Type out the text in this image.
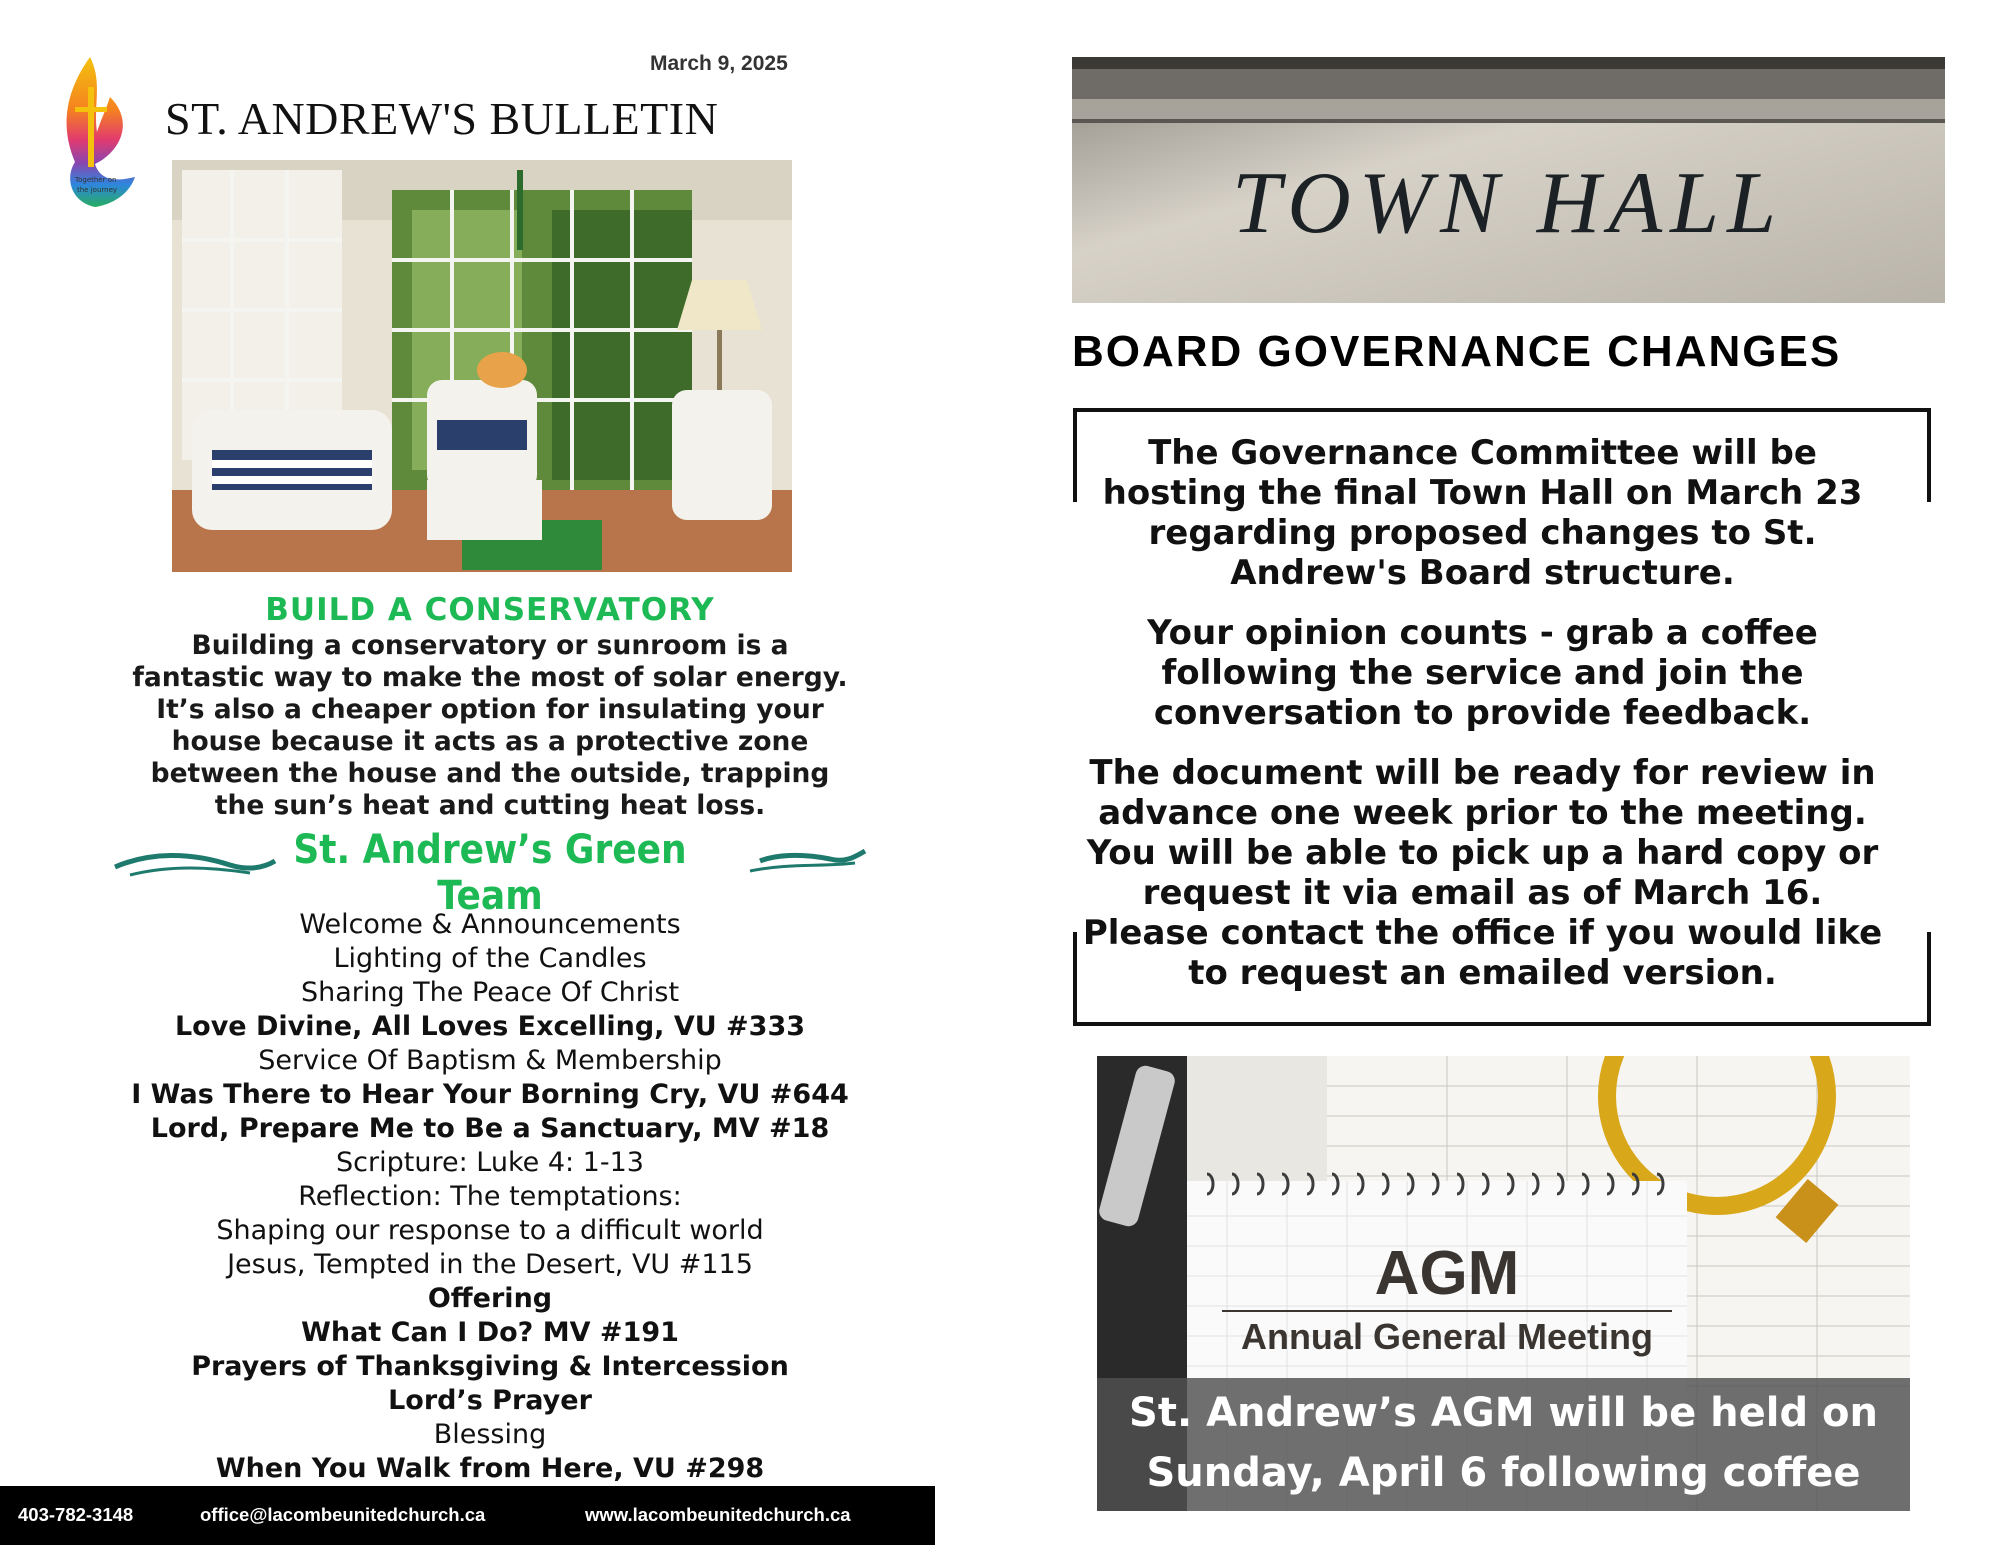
Together on
the journey
March 9, 2025
ST. ANDREW'S BULLETIN
BUILD A CONSERVATORY
Building a conservatory or sunroom is a fantastic way to make the most of solar energy. It’s also a cheaper option for insulating your house because it acts as a protective zone between the house and the outside, trapping the sun’s heat and cutting heat loss.
St. Andrew’s Green Team
Welcome & Announcements
Lighting of the Candles
Sharing The Peace Of Christ
Love Divine, All Loves Excelling, VU #333
Service Of Baptism & Membership
I Was There to Hear Your Borning Cry, VU #644
Lord, Prepare Me to Be a Sanctuary, MV #18
Scripture: Luke 4: 1-13
Reflection: The temptations:
Shaping our response to a difficult world
Jesus, Tempted in the Desert, VU #115
Offering
What Can I Do? MV #191
Prayers of Thanksgiving & Intercession
Lord’s Prayer
Blessing
When You Walk from Here, VU #298
403-782-3148	office@lacombeunitedchurch.ca	www.lacombeunitedchurch.ca
TOWN HALL
BOARD GOVERNANCE CHANGES

The Governance Committee will be hosting the final Town Hall on March 23 regarding proposed changes to St. Andrew's Board structure.

Your opinion counts - grab a coffee following the service and join the conversation to provide feedback.

The document will be ready for review in advance one week prior to the meeting. You will be able to pick up a hard copy or request it via email as of March 16. Please contact the office if you would like to request an emailed version.

AGM
Annual General Meeting
St. Andrew’s AGM will be held on
Sunday, April 6 following coffee time
